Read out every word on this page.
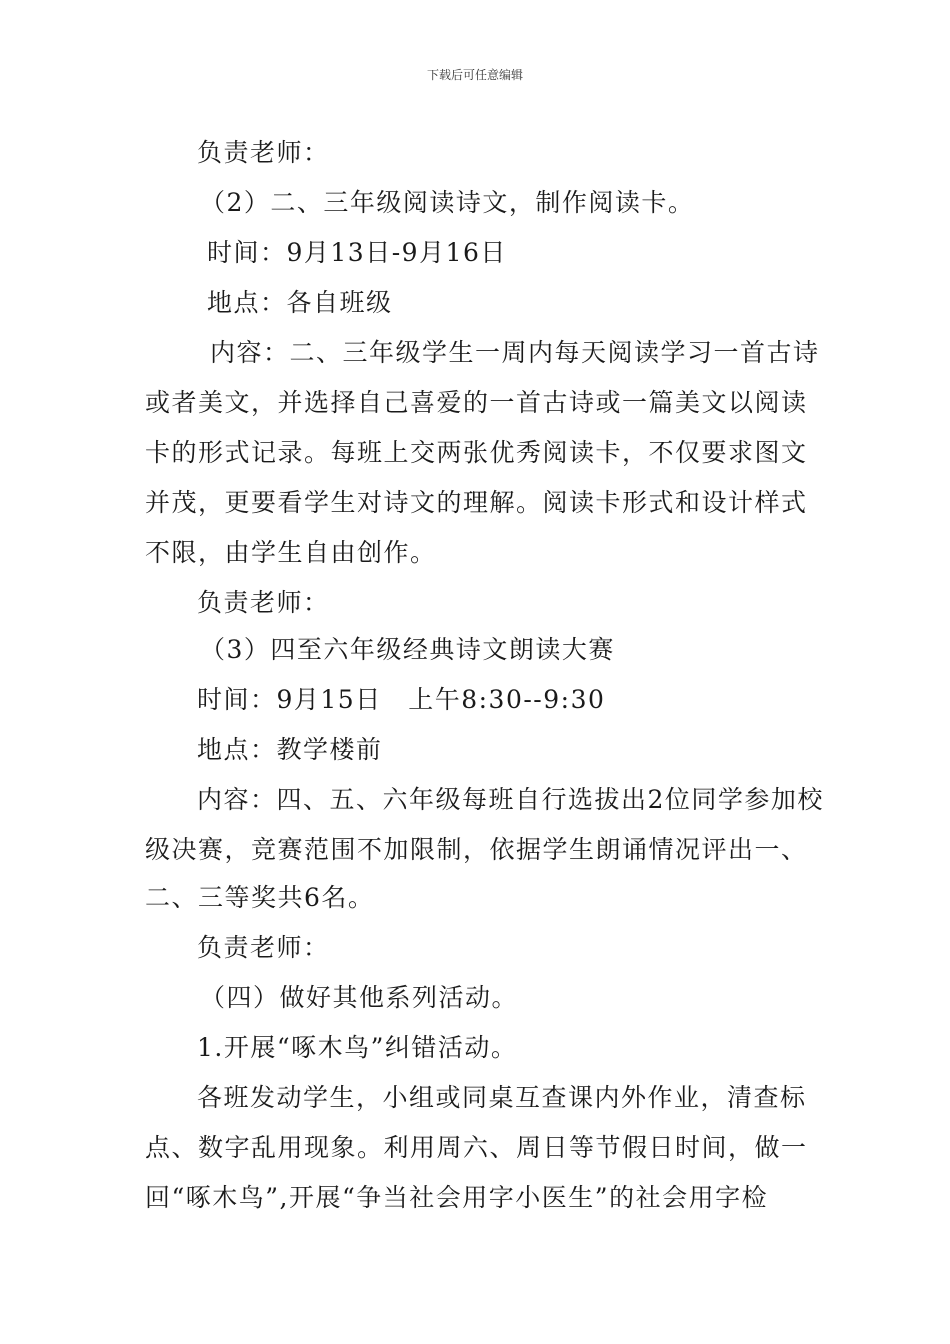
下载后可任意编辑
负责老师：
（2）二、三年级阅读诗文，制作阅读卡。
时间：9月13日-9月16日
地点：各自班级
内容：二、三年级学生一周内每天阅读学习一首古诗
或者美文，并选择自己喜爱的一首古诗或一篇美文以阅读
卡的形式记录。每班上交两张优秀阅读卡，不仅要求图文
并茂，更要看学生对诗文的理解。阅读卡形式和设计样式
不限，由学生自由创作。
负责老师：
（3）四至六年级经典诗文朗读大赛
时间：9月15日　上午8:30--9:30
地点：教学楼前
内容：四、五、六年级每班自行选拔出2位同学参加校
级决赛，竞赛范围不加限制，依据学生朗诵情况评出一、
二、三等奖共6名。
负责老师：
（四）做好其他系列活动。
1.开展“啄木鸟”纠错活动。
各班发动学生，小组或同桌互查课内外作业，清查标
点、数字乱用现象。利用周六、周日等节假日时间，做一
回“啄木鸟”,开展“争当社会用字小医生”的社会用字检
